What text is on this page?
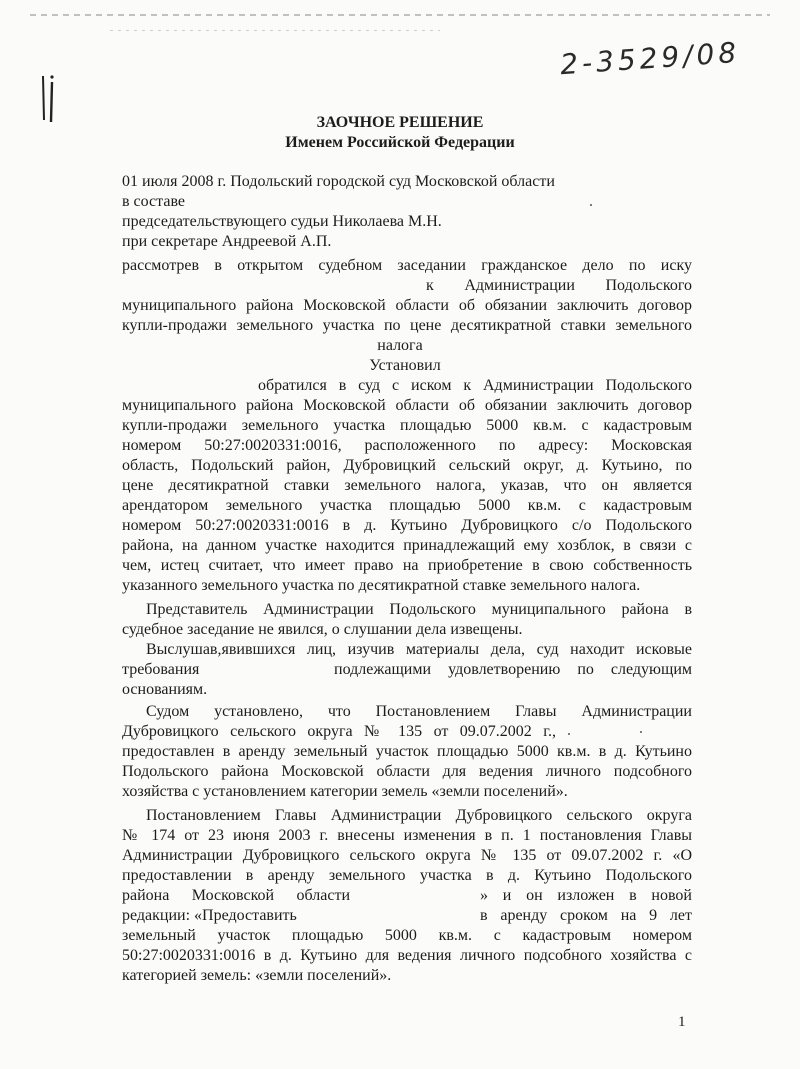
2-3529/08
ЗАОЧНОЕ РЕШЕНИЕ
Именем Российской Федерации
01 июля 2008 г. Подольский городской суд Московской области
в составе
председательствующего судьи Николаева М.Н.
при секретаре Андреевой А.П.
рассмотрев в открытом судебном заседании гражданское дело по иску
к Администрации Подольского
муниципального района Московской области об обязании заключить договор
купли-продажи земельного участка по цене десятикратной ставки земельного
налога
Установил
обратился в суд с иском к Администрации Подольского
муниципального района Московской области об обязании заключить договор
купли-продажи земельного участка площадью 5000 кв.м. с кадастровым
номером 50:27:0020331:0016, расположенного по адресу: Московская
область, Подольский район, Дубровицкий сельский округ, д. Кутьино, по
цене десятикратной ставки земельного налога, указав, что он является
арендатором земельного участка площадью 5000 кв.м. с кадастровым
номером 50:27:0020331:0016 в д. Кутьино Дубровицкого с/о Подольского
района, на данном участке находится принадлежащий ему хозблок, в связи с
чем, истец считает, что имеет право на приобретение в свою собственность
указанного земельного участка по десятикратной ставке земельного налога.
Представитель Администрации Подольского муниципального района в
судебное заседание не явился, о слушании дела извещены.
Выслушав,явившихся лиц, изучив материалы дела, суд находит исковые
требования	подлежащими удовлетворению по следующим
основаниям.
Судом установлено, что Постановлением Главы Администрации
Дубровицкого сельского округа № 135 от 09.07.2002 г.,
предоставлен в аренду земельный участок площадью 5000 кв.м. в д. Кутьино
Подольского района Московской области для ведения личного подсобного
хозяйства с установлением категории земель «земли поселений».
Постановлением Главы Администрации Дубровицкого сельского округа
№ 174 от 23 июня 2003 г. внесены изменения в п. 1 постановления Главы
Администрации Дубровицкого сельского округа № 135 от 09.07.2002 г. «О
предоставлении в аренду земельного участка в д. Кутьино Подольского
района Московской области	» и он изложен в новой
редакции: «Предоставить	в аренду сроком на 9 лет
земельный участок площадью 5000 кв.м. с кадастровым номером
50:27:0020331:0016 в д. Кутьино для ведения личного подсобного хозяйства с
категорией земель: «земли поселений».
1
